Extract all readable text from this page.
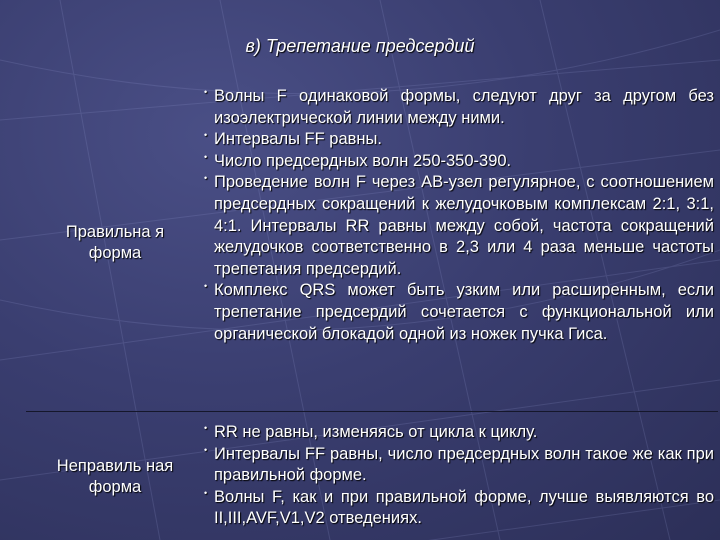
в) Трепетание предсердий
Правильна я форма
Неправиль ная форма
• Волны F одинаковой формы, следуют друг за другом без изоэлектрической линии между ними.
• Интервалы FF равны.
• Число предсердных волн 250-350-390.
• Проведение волн F через АВ-узел регулярное, с соотношением предсердных сокращений к желудочковым комплексам 2:1, 3:1, 4:1. Интервалы RR равны между собой, частота сокращений желудочков соответственно в 2,3 или 4 раза меньше частоты трепетания предсердий.
• Комплекс QRS может быть узким или расширенным, если трепетание предсердий сочетается с функциональной или органической блокадой одной из ножек пучка Гиса.
• RR не равны, изменяясь от цикла к циклу.
• Интервалы FF равны, число предсердных волн такое же как при правильной форме.
• Волны F, как и при правильной форме, лучше выявляются во II,III,AVF,V1,V2 отведениях.
